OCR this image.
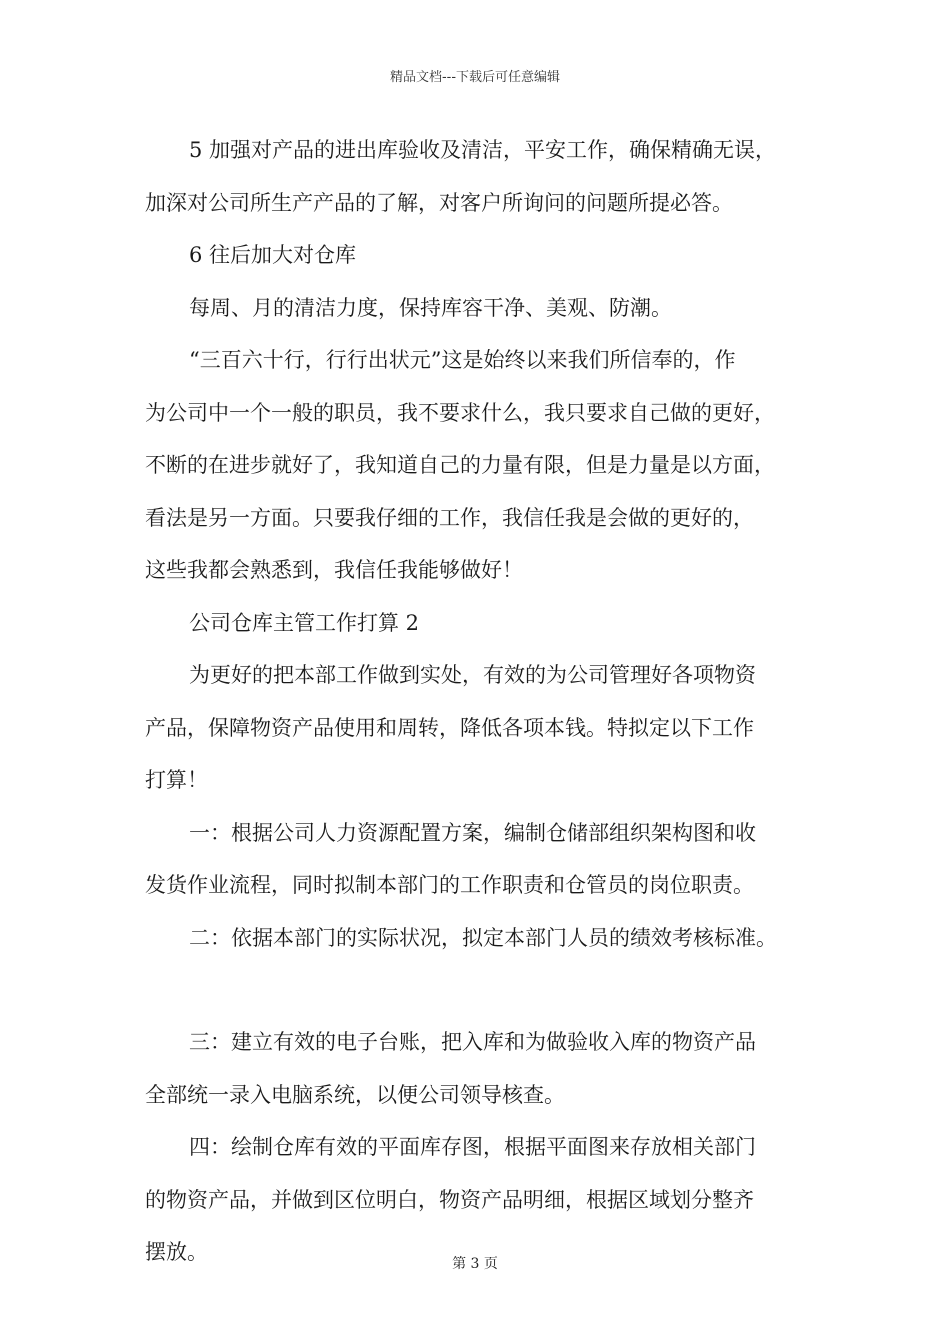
精品文档---下载后可任意编辑
5 加强对产品的进出库验收及清洁，平安工作，确保精确无误，
加深对公司所生产产品的了解，对客户所询问的问题所提必答。
6 往后加大对仓库
每周、月的清洁力度，保持库容干净、美观、防潮。
“三百六十行，行行出状元”这是始终以来我们所信奉的，作
为公司中一个一般的职员，我不要求什么，我只要求自己做的更好，
不断的在进步就好了，我知道自己的力量有限，但是力量是以方面，
看法是另一方面。只要我仔细的工作，我信任我是会做的更好的，
这些我都会熟悉到，我信任我能够做好！
公司仓库主管工作打算 2
为更好的把本部工作做到实处，有效的为公司管理好各项物资
产品，保障物资产品使用和周转，降低各项本钱。特拟定以下工作
打算！
一：根据公司人力资源配置方案，编制仓储部组织架构图和收
发货作业流程，同时拟制本部门的工作职责和仓管员的岗位职责。
二：依据本部门的实际状况，拟定本部门人员的绩效考核标准。
三：建立有效的电子台账，把入库和为做验收入库的物资产品
全部统一录入电脑系统，以便公司领导核查。
四：绘制仓库有效的平面库存图，根据平面图来存放相关部门
的物资产品，并做到区位明白，物资产品明细，根据区域划分整齐
摆放。	第 3 页
